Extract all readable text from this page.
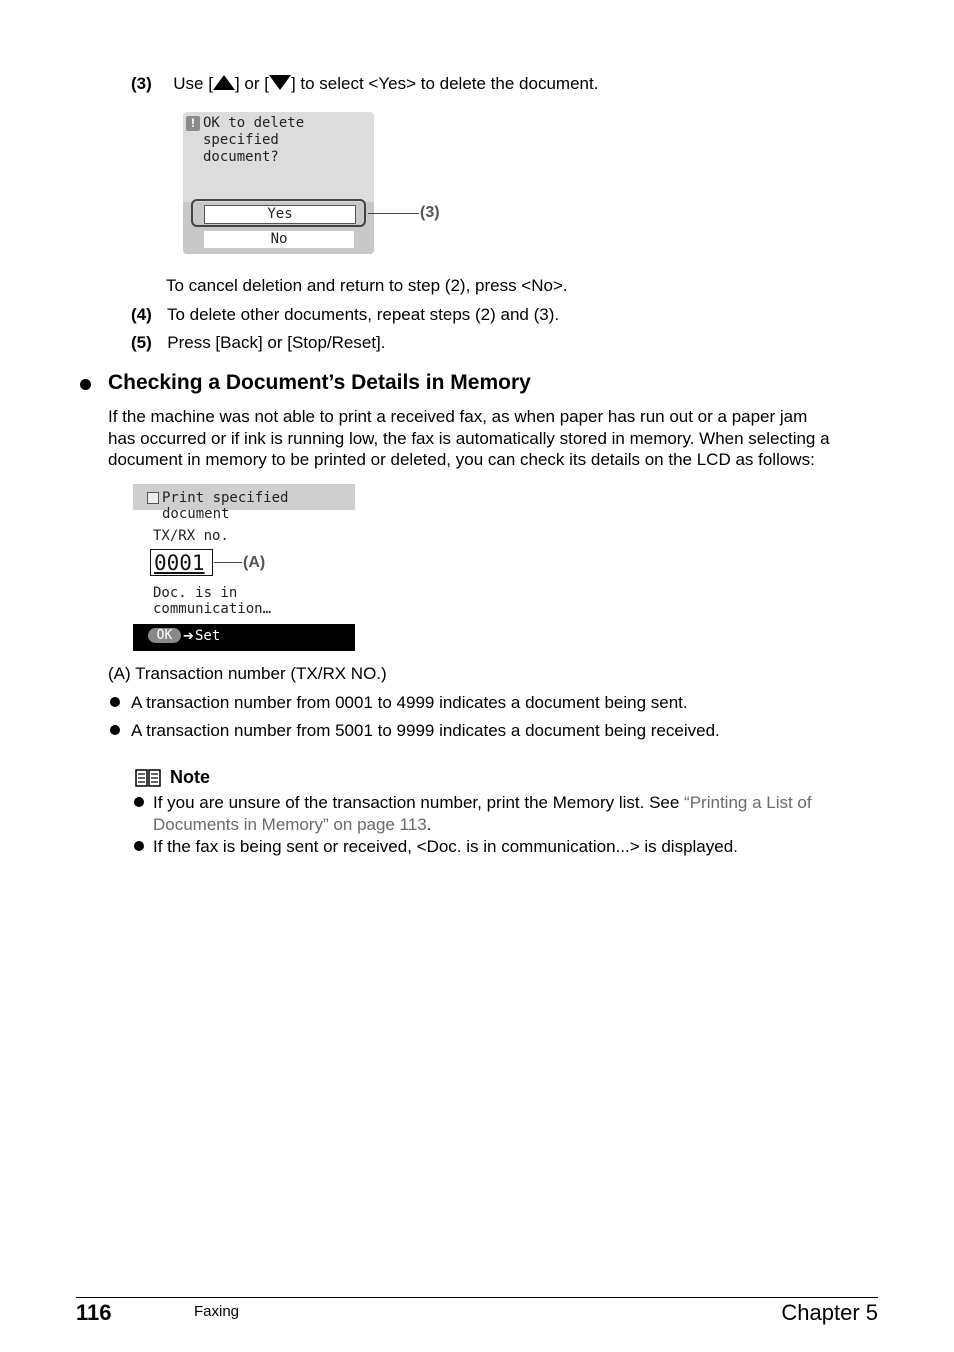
(3) Use [ ] or [ ] to select <Yes> to delete the document.
! OK to delete specified
document?
Yes
No
(3)
To cancel deletion and return to step (2), press <No>.
(4) To delete other documents, repeat steps (2) and (3).
(5) Press [Back] or [Stop/Reset].
Checking a Document’s Details in Memory
If the machine was not able to print a received fax, as when paper has run out or a paper jam
has occurred or if ink is running low, the fax is automatically stored in memory. When selecting a
document in memory to be printed or deleted, you can check its details on the LCD as follows:
Print specified document
TX/RX no.
0001
Doc. is in communication…
OK ➔ Set
(A)
(A) Transaction number (TX/RX NO.)
A transaction number from 0001 to 4999 indicates a document being sent.
A transaction number from 5001 to 9999 indicates a document being received.
Note
If you are unsure of the transaction number, print the Memory list. See “Printing a List of
Documents in Memory” on page 113.
If the fax is being sent or received, <Doc. is in communication...> is displayed.
116	Faxing	Chapter 5
